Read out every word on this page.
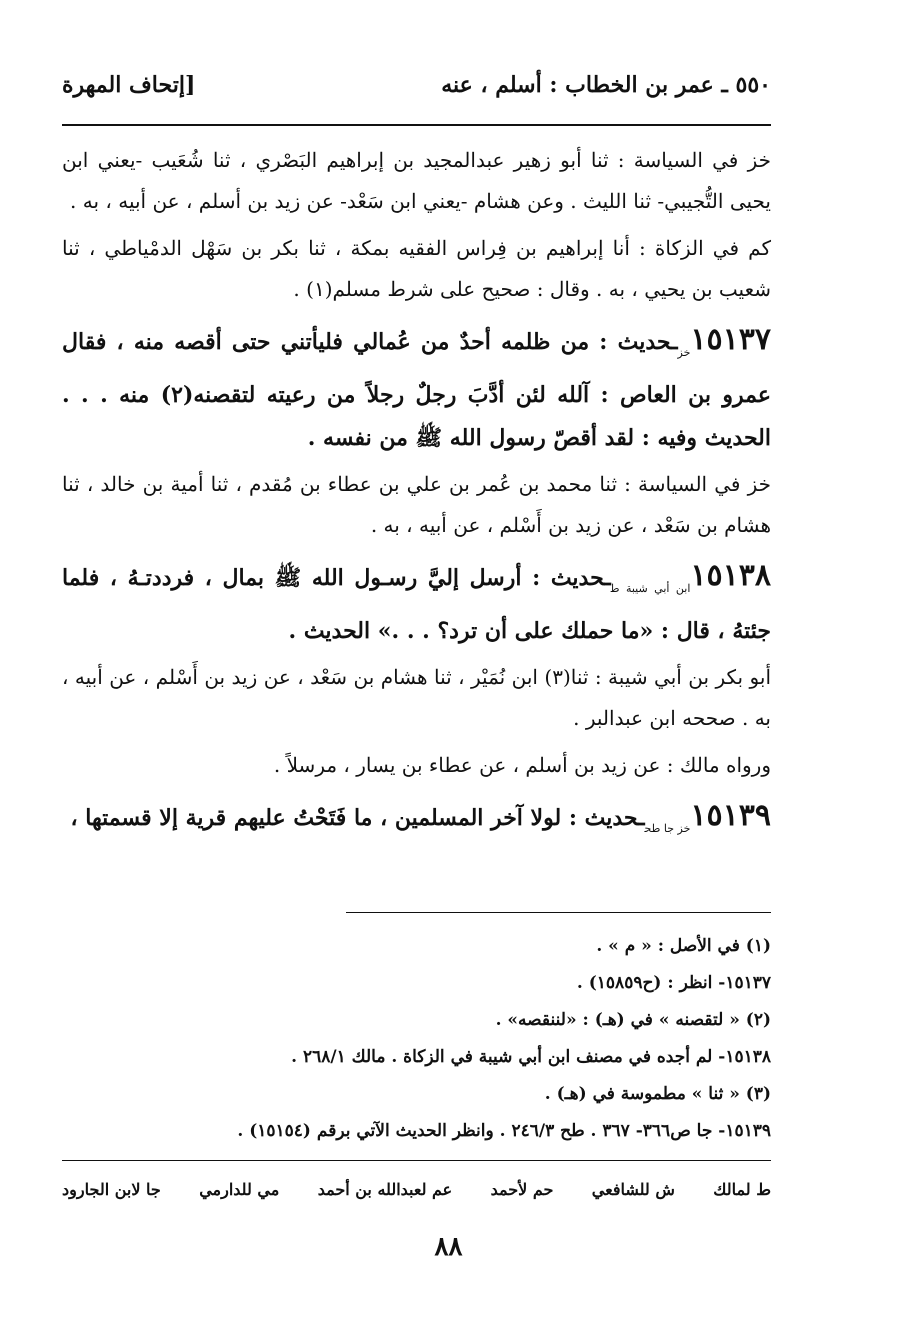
٥٥٠ ـ عمر بن الخطاب : أسلم ، عنه
[إتحاف المهرة

خز في السياسة : ثنا أبو زهير عبدالمجيد بن إبراهيم البَصْري ، ثنا شُعَيب -يعني ابن يحيى التُّجيبي- ثنا الليث . وعن هشام -يعني ابن سَعْد- عن زيد بن أسلم ، عن أبيه ، به .

كم في الزكاة : أنا إبراهيم بن فِراس الفقيه بمكة ، ثنا بكر بن سَهْل الدمْياطي ، ثنا شعيب بن يحيي ، به . وقال : صحيح على شرط مسلم(١) .

$١٥١٣٧_{خز}ـحديث$ : من ظلمه أحدٌ من عُمالي فليأتني حتى أقصه منه ، فقال عمرو بن العاص : آلله لئن أدَّبَ رجلٌ رجلاً من رعيته لتقصنه(٢) منه . . . الحديث وفيه : لقد أقصّ رسول الله ﷺ من نفسه .

خز في السياسة : ثنا محمد بن عُمر بن علي بن عطاء بن مُقدم ، ثنا أمية بن خالد ، ثنا هشام بن سَعْد ، عن زيد بن أَسْلم ، عن أبيه ، به .

$١٥١٣٨_{ابن أبي شيبة ط}ـحديث$ : أرسل إليَّ رسـول الله ﷺ بمال ، فرددتـهُ ، فلما جئتهُ ، قال : «ما حملك على أن ترد؟ . . .» الحديث .

أبو بكر بن أبي شيبة : ثنا(٣) ابن نُمَيْر ، ثنا هشام بن سَعْد ، عن زيد بن أَسْلم ، عن أبيه ، به . صححه ابن عبدالبر .

ورواه مالك : عن زيد بن أسلم ، عن عطاء بن يسار ، مرسلاً .

$١٥١٣٩_{خز جا طح}ـحديث$ : لولا آخر المسلمين ، ما فَتَحْتُ عليهم قرية إلا قسمتها ،

(١) في الأصل : « م » .
١٥١٣٧- انظر : (ح١٥٨٥٩) .
(٢) « لتقصنه » في (هـ) : «لننقصه» .
١٥١٣٨- لم أجده في مصنف ابن أبي شيبة في الزكاة . مالك ٢٦٨/١ .
(٣) « ثنا » مطموسة في (هـ) .
١٥١٣٩- جا ص٣٦٦- ٣٦٧ . طح ٢٤٦/٣ . وانظر الحديث الآتي برقم (١٥١٥٤) .
ط لمالك
ش للشافعي
حم لأحمد
عم لعبدالله بن أحمد
مي للدارمي
جا لابن الجارود
٨٨
